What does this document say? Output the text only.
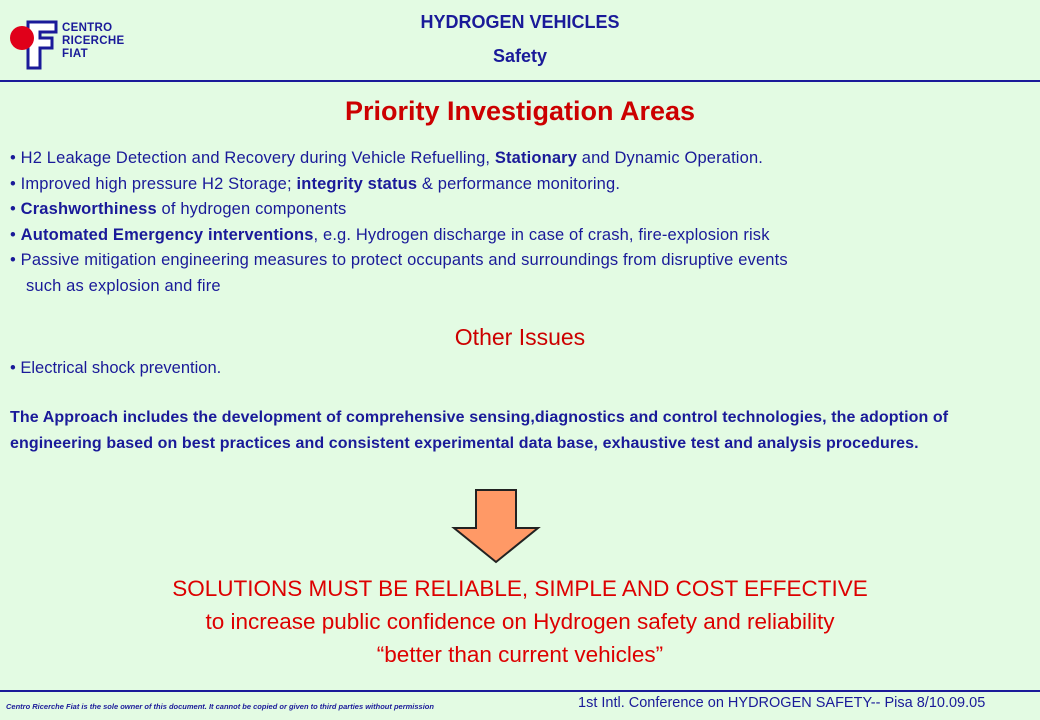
CENTRO
RICERCHE
FIAT
HYDROGEN VEHICLES
Safety
Priority Investigation Areas
• H2 Leakage Detection and Recovery during Vehicle Refuelling, Stationary and Dynamic Operation.
• Improved high pressure H2 Storage; integrity status & performance monitoring.
• Crashworthiness of hydrogen components
• Automated Emergency interventions, e.g. Hydrogen discharge in case of crash, fire-explosion risk
• Passive mitigation engineering measures to protect occupants and surroundings from disruptive events
such as explosion and fire
Other Issues
• Electrical shock prevention.
The Approach includes the development of comprehensive sensing,diagnostics and control technologies, the adoption of engineering based on best practices and consistent experimental data base, exhaustive test and analysis procedures.
SOLUTIONS MUST BE RELIABLE, SIMPLE AND COST EFFECTIVE
to increase public confidence on Hydrogen safety and reliability
“better than current vehicles”
Centro Ricerche Fiat is the sole owner of this document. It cannot be copied or given to third parties without permission	1st Intl. Conference on HYDROGEN SAFETY-- Pisa 8/10.09.05
